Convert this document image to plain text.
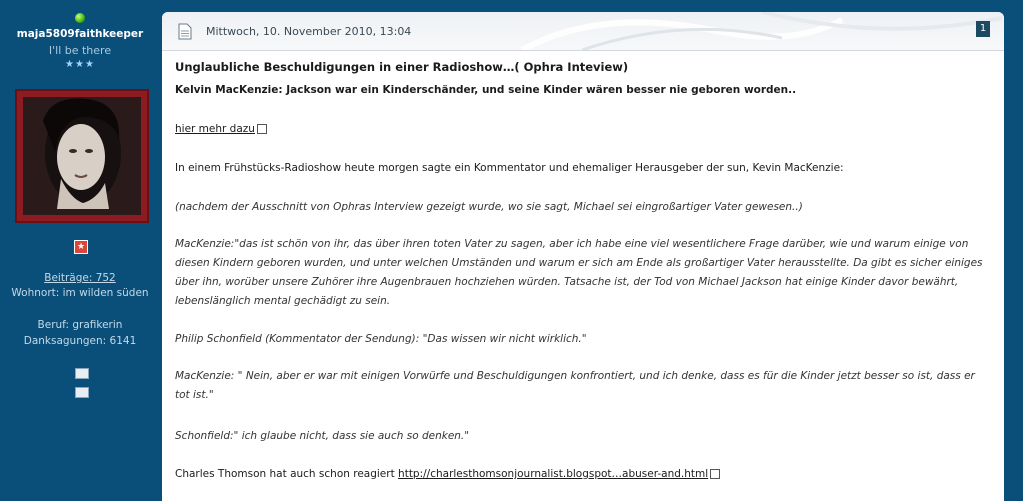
maja5809faithkeeper
I'll be there
★★★
★
Beiträge: 752
Wohnort: im wilden süden
Beruf: grafikerin
Danksagungen: 6141
Mittwoch, 10. November 2010, 13:04	1
Unglaubliche Beschuldigungen in einer Radioshow…( Ophra Inteview)
Kelvin MacKenzie: Jackson war ein Kinderschänder, und seine Kinder wären besser nie geboren worden..
hier mehr dazu
In einem Frühstücks-Radioshow heute morgen sagte ein Kommentator und ehemaliger Herausgeber der sun, Kevin MacKenzie:
(nachdem der Ausschnitt von Ophras Interview gezeigt wurde, wo sie sagt, Michael sei eingroßartiger Vater gewesen..)
MacKenzie:"das ist schön von ihr, das über ihren toten Vater zu sagen, aber ich habe eine viel wesentlichere Frage darüber, wie und warum einige von diesen Kindern geboren wurden, und unter welchen Umständen und warum er sich am Ende als großartiger Vater herausstellte. Da gibt es sicher einiges über ihn, worüber unsere Zuhörer ihre Augenbrauen hochziehen würden. Tatsache ist, der Tod von Michael Jackson hat einige Kinder davor bewährt, lebenslänglich mental gechädigt zu sein.
Philip Schonfield (Kommentator der Sendung): "Das wissen wir nicht wirklich."
MacKenzie: " Nein, aber er war mit einigen Vorwürfe und Beschuldigungen konfrontiert, und ich denke, dass es für die Kinder jetzt besser so ist, dass er tot ist."
Schonfield:" ich glaube nicht, dass sie auch so denken."
Charles Thomson hat auch schon reagiert http://charlesthomsonjournalist.blogspot…abuser-and.html
